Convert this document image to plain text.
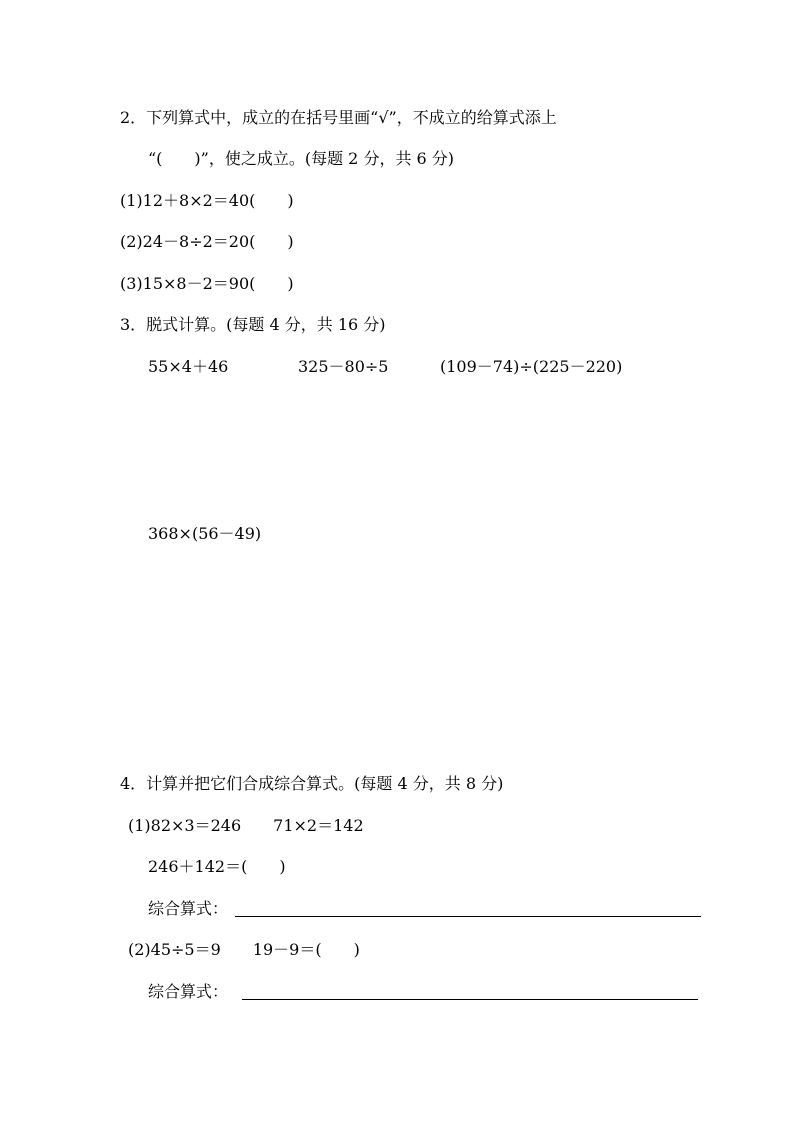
2．下列算式中，成立的在括号里画“√”，不成立的给算式添上
“(　　)”，使之成立。(每题 2 分，共 6 分)
(1)12＋8×2＝40(　　)
(2)24－8÷2＝20(　　)
(3)15×8－2＝90(　　)
3．脱式计算。(每题 4 分，共 16 分)
55×4＋46	325－80÷5	(109－74)÷(225－220)
368×(56－49)
4．计算并把它们合成综合算式。(每题 4 分，共 8 分)
(1)82×3＝246　　71×2＝142
246＋142＝(　　)
综合算式：
(2)45÷5＝9　　19－9＝(　　)
综合算式：
